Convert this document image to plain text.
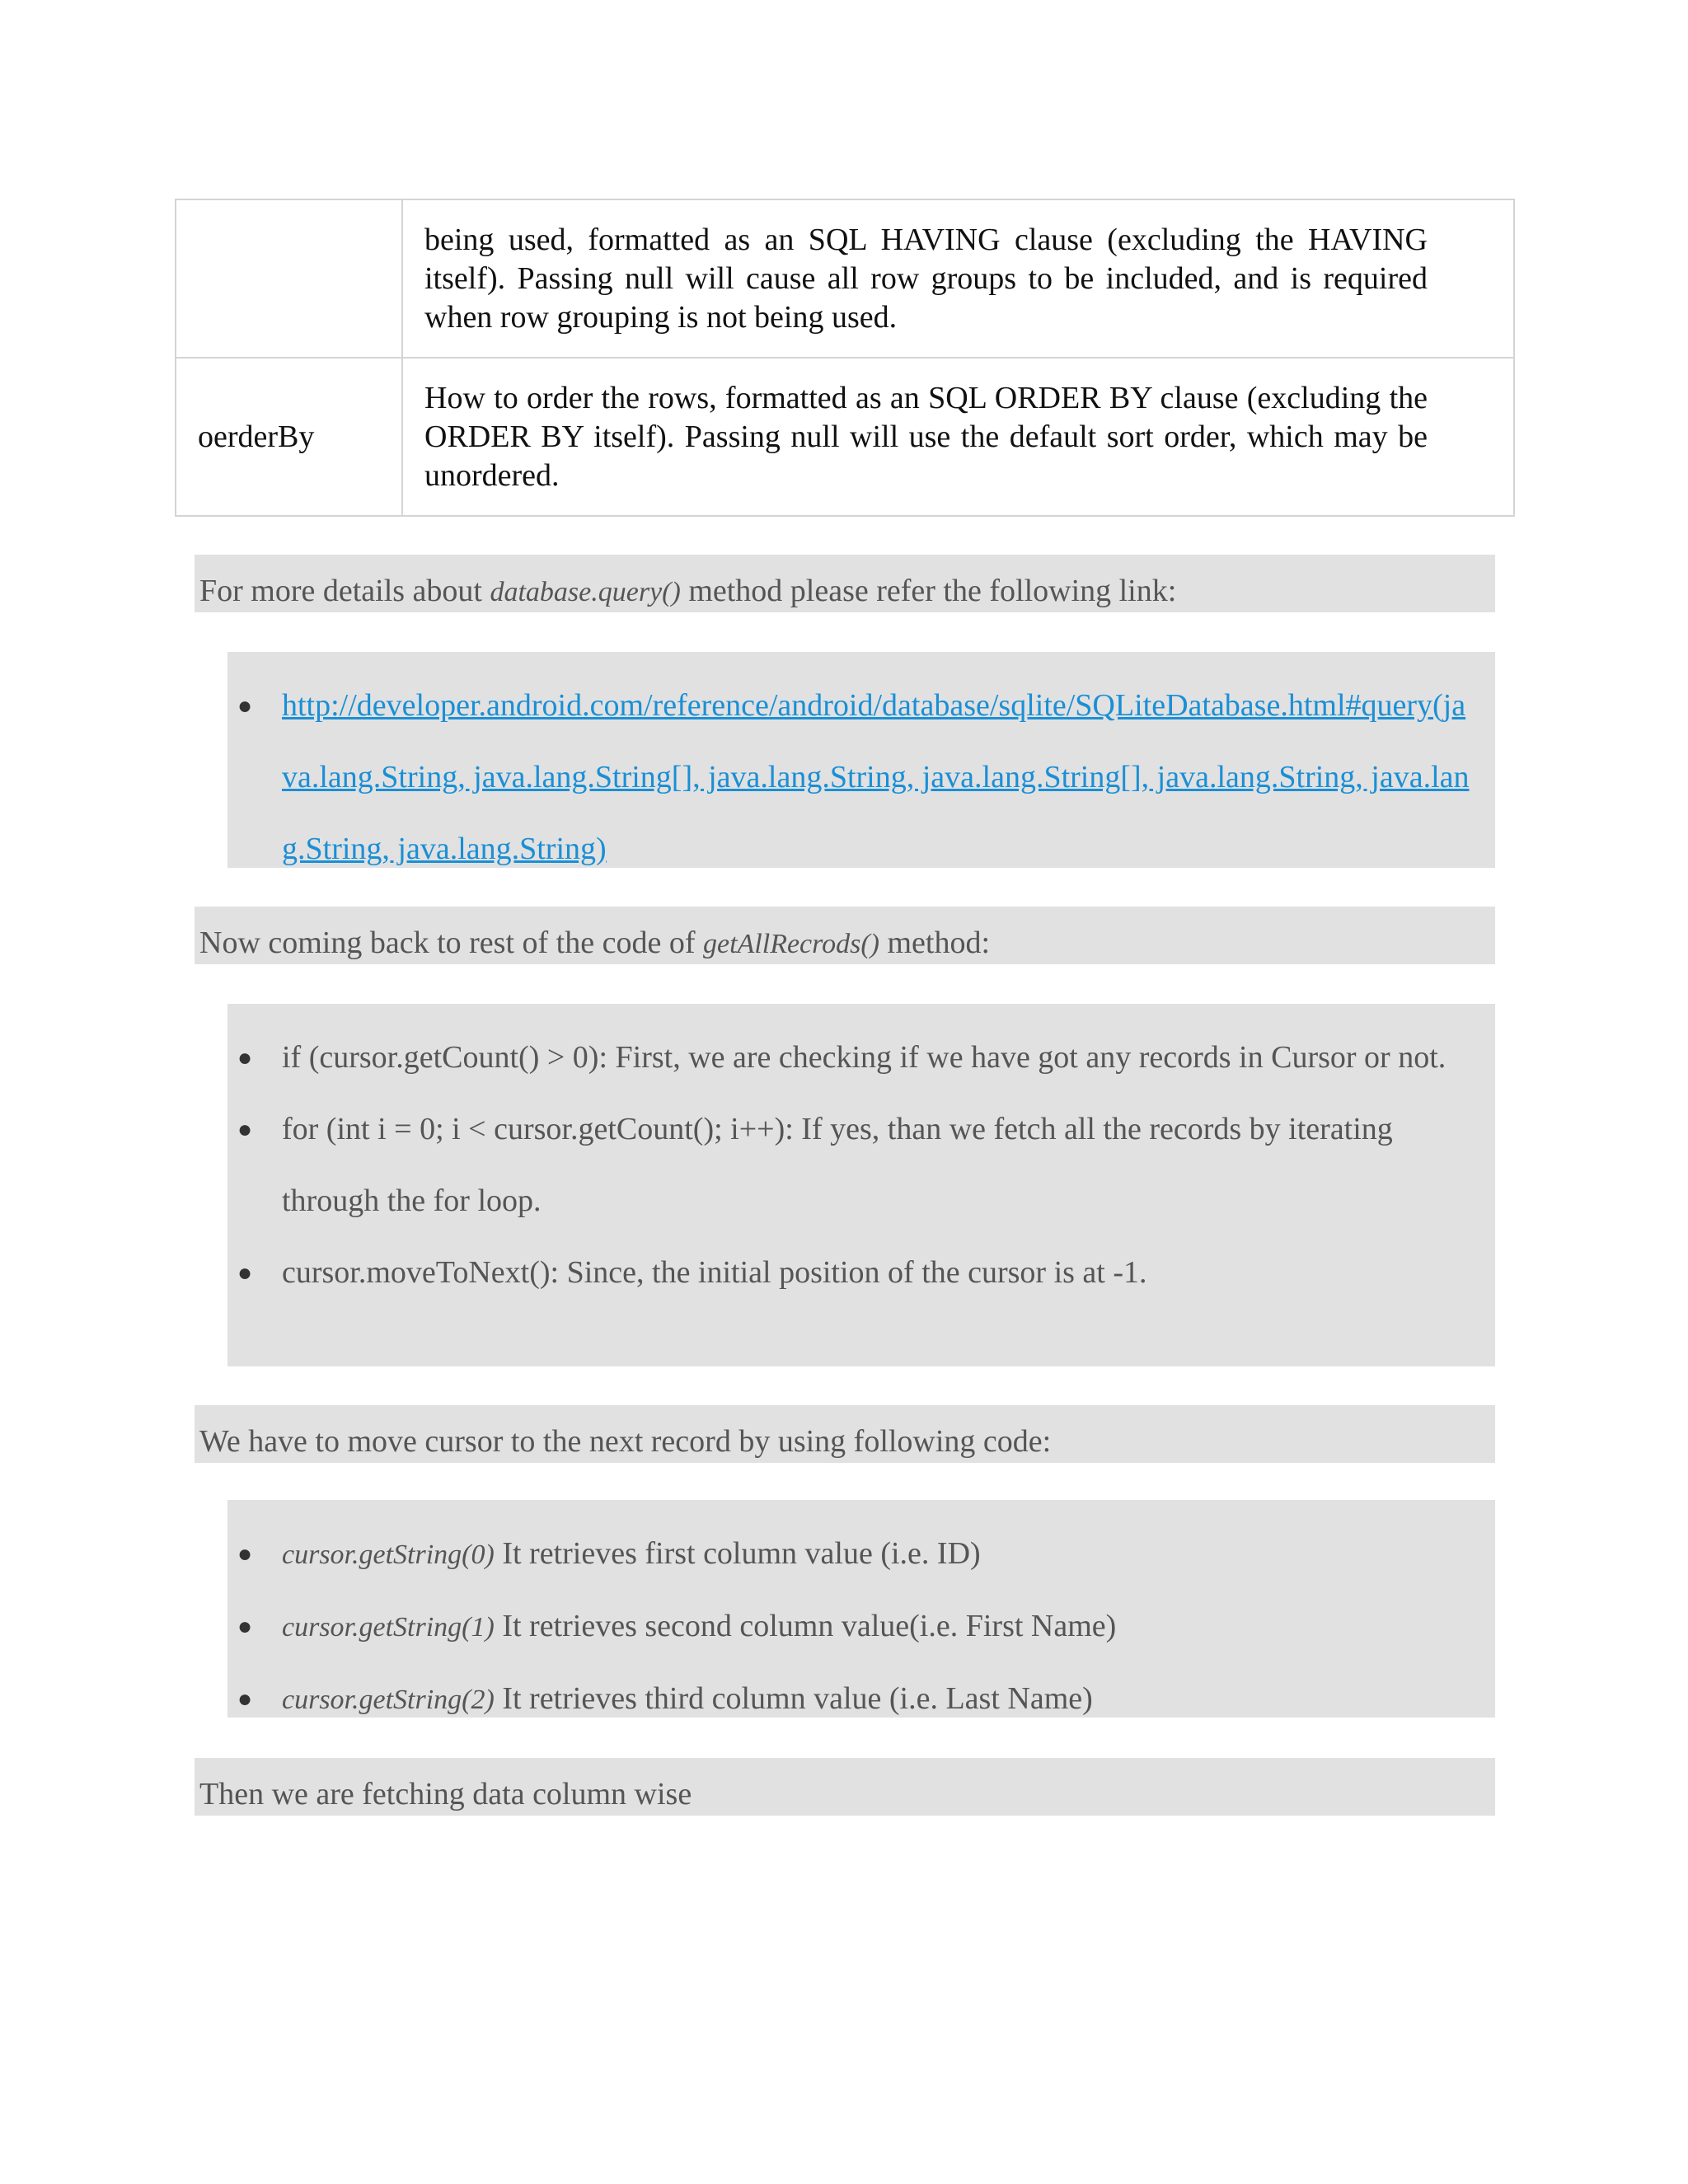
	being used, formatted as an SQL HAVING clause (excluding the HAVING itself). Passing null will cause all row groups to be included, and is required when row grouping is not being used.
oerderBy	How to order the rows, formatted as an SQL ORDER BY clause (excluding the ORDER BY itself). Passing null will use the default sort order, which may be unordered.
For more details about database.query() method please refer the following link:
● http://developer.android.com/reference/android/database/sqlite/SQLiteDatabase.html#query(java.lang.String, java.lang.String[], java.lang.String, java.lang.String[], java.lang.String, java.lang.String, java.lang.String)
Now coming back to rest of the code of getAllRecrods() method:
● if (cursor.getCount() > 0): First, we are checking if we have got any records in Cursor or not.
● for (int i = 0; i < cursor.getCount(); i++): If yes, than we fetch all the records by iterating through the for loop.
● cursor.moveToNext(): Since, the initial position of the cursor is at -1.
We have to move cursor to the next record by using following code:
● cursor.getString(0) It retrieves first column value (i.e. ID)
● cursor.getString(1) It retrieves second column value(i.e. First Name)
● cursor.getString(2) It retrieves third column value (i.e. Last Name)
Then we are fetching data column wise
